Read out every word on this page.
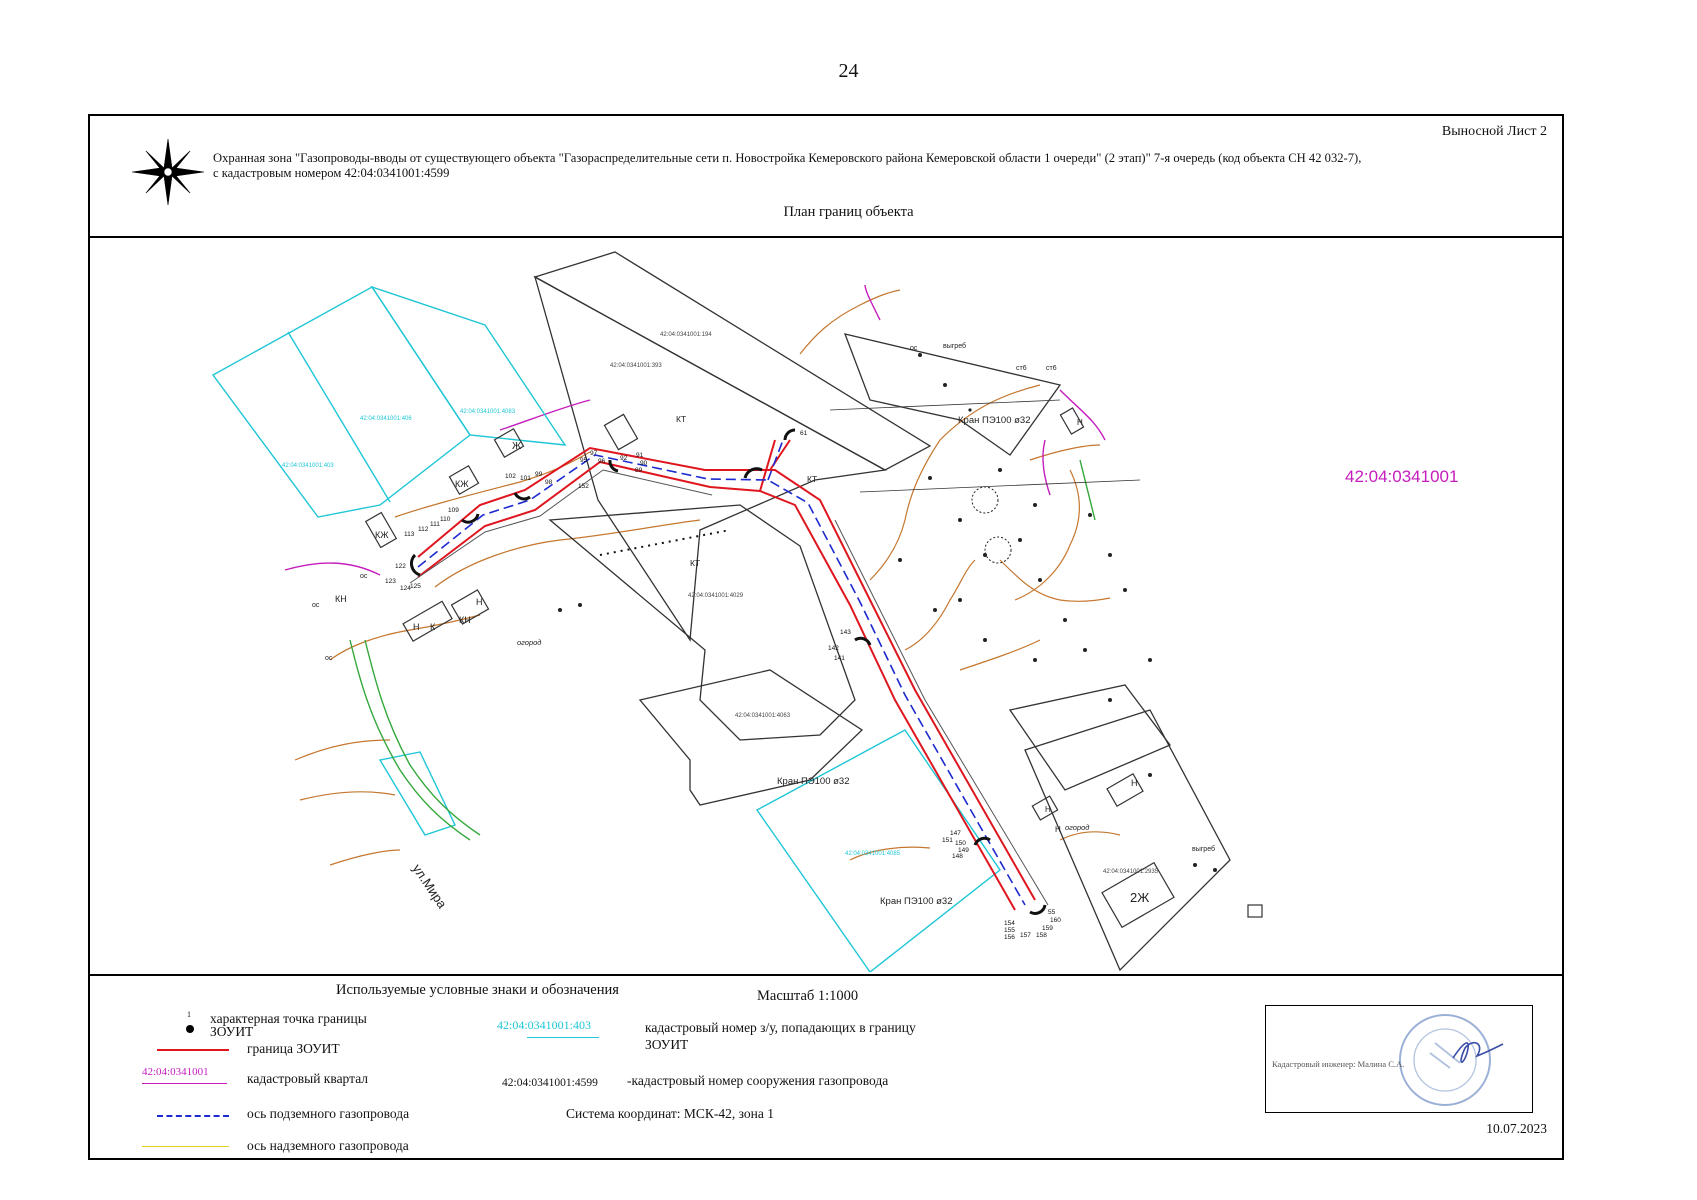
24
Выносной Лист 2
Охранная зона "Газопроводы-вводы от существующего объекта "Газораспределительные сети п. Новостройка Кемеровского района Кемеровской области 1 очереди" (2 этап)" 7-я очередь (код объекта СН 42 032-7),
с кадастровым номером 42:04:0341001:4599
План границ объекта
42:04:0341001
42:04:0341001:194
42:04:0341001:393
42:04:0341001:4029
42:04:0341001:4063
42:04:0341001:2935
42:04:0341001:403
42:04:0341001:406
42:04:0341001:4083
42:04:0341001:4085
Кран ПЭ100 ø32
Кран ПЭ100 ø32
Кран ПЭ100 ø32
КТ
КТ
КТ
ул.Мира
огород
огород
КЖ
КН
Ж
КЖ
Н
КН
Н
К
Н
Н
2Ж
Н
Н
выгреб
выгреб
ст6	ст6
ос
ос
ос
ос
113
112
111
110
109
122
123
124 125
102 101
99
98
97
96
95	92 91
90
89
152
151 150
149
148
147
143
142
141
154
155
156 157 158
159
160
61
55
Используемые условные знаки и обозначения	Масштаб 1:1000
1 характерная точка границы ЗОУИТ
граница ЗОУИТ
42:04:0341001	кадастровый квартал
ось подземного газопровода
ось надземного газопровода
42:04:0341001:403	кадастровый номер з/у, попадающих в границу ЗОУИТ
42:04:0341001:4599 -кадастровый номер сооружения газопровода
Система координат: МСК-42, зона 1
Кадастровый инженер: Малина С.А.
10.07.2023
